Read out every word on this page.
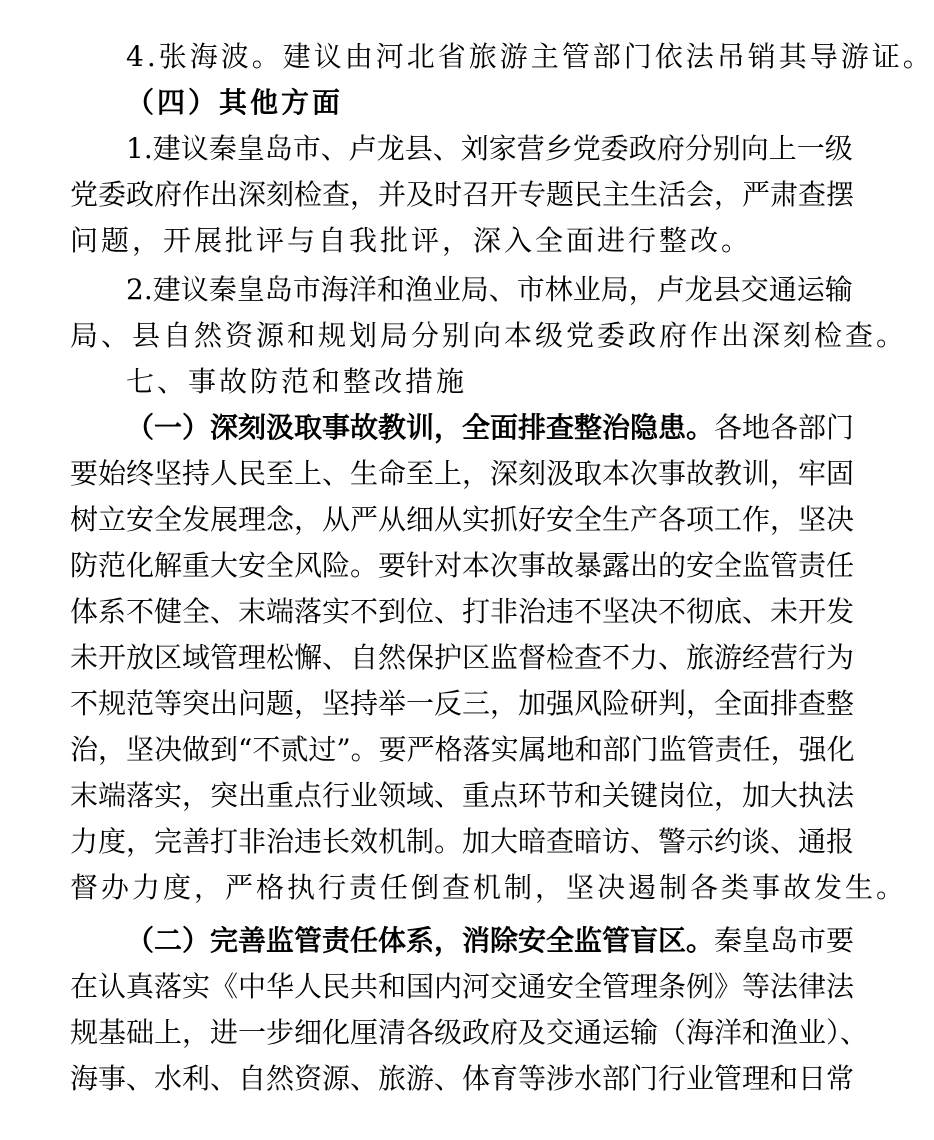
4.张海波。建议由河北省旅游主管部门依法吊销其导游证。
（四）其他方面
1.建议秦皇岛市、卢龙县、刘家营乡党委政府分别向上一级
党委政府作出深刻检查，并及时召开专题民主生活会，严肃查摆
问题，开展批评与自我批评，深入全面进行整改。
2.建议秦皇岛市海洋和渔业局、市林业局，卢龙县交通运输
局、县自然资源和规划局分别向本级党委政府作出深刻检查。
七、事故防范和整改措施
（一）深刻汲取事故教训，全面排查整治隐患。各地各部门
要始终坚持人民至上、生命至上，深刻汲取本次事故教训，牢固
树立安全发展理念，从严从细从实抓好安全生产各项工作，坚决
防范化解重大安全风险。要针对本次事故暴露出的安全监管责任
体系不健全、末端落实不到位、打非治违不坚决不彻底、未开发
未开放区域管理松懈、自然保护区监督检查不力、旅游经营行为
不规范等突出问题，坚持举一反三，加强风险研判，全面排查整
治，坚决做到“不贰过”。要严格落实属地和部门监管责任，强化
末端落实，突出重点行业领域、重点环节和关键岗位，加大执法
力度，完善打非治违长效机制。加大暗查暗访、警示约谈、通报
督办力度，严格执行责任倒查机制，坚决遏制各类事故发生。
（二）完善监管责任体系，消除安全监管盲区。秦皇岛市要
在认真落实《中华人民共和国内河交通安全管理条例》等法律法
规基础上，进一步细化厘清各级政府及交通运输（海洋和渔业）、
海事、水利、自然资源、旅游、体育等涉水部门行业管理和日常
